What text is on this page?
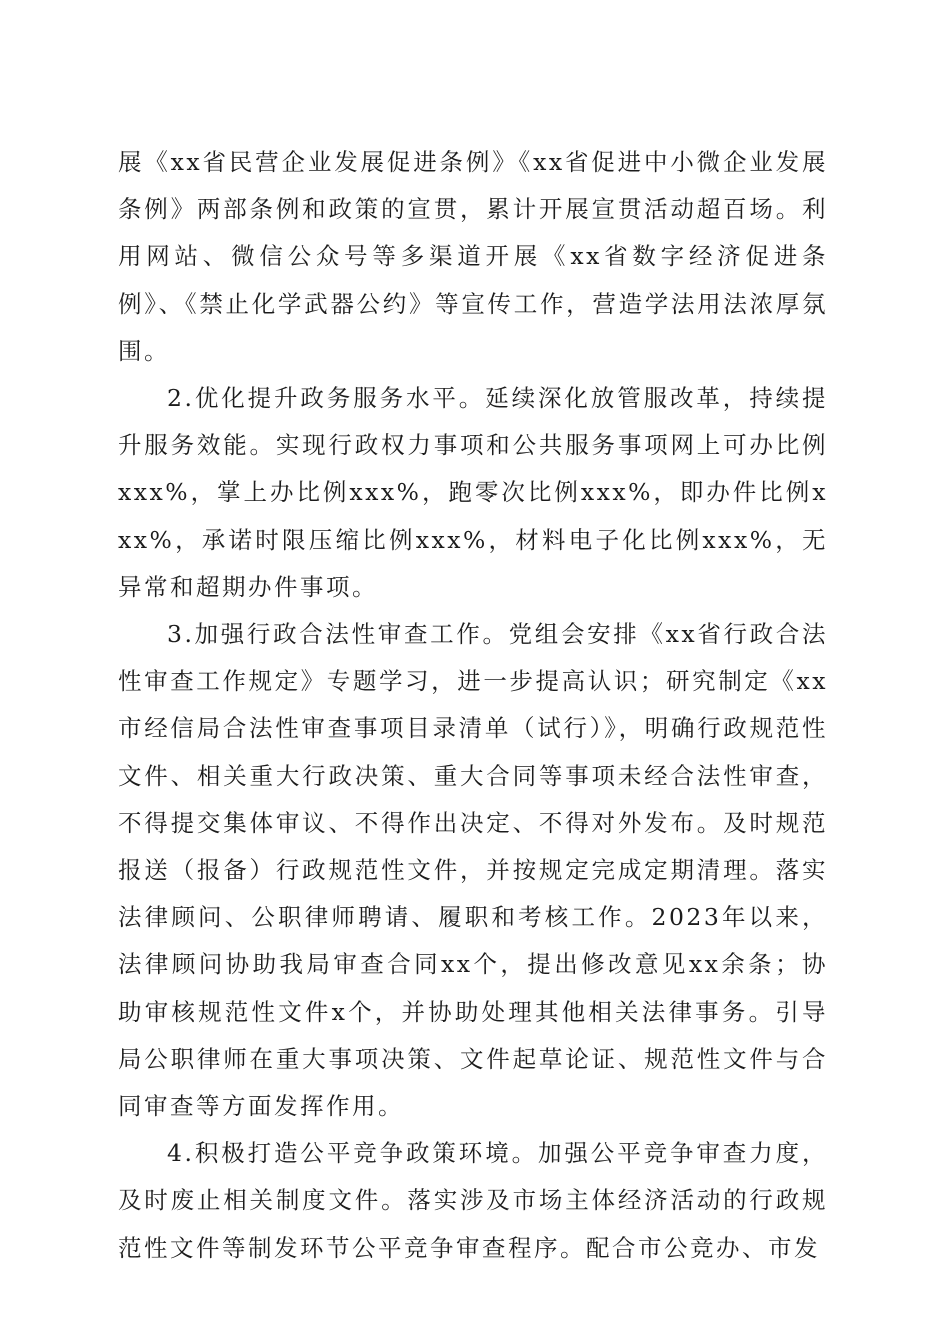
展《xx省民营企业发展促进条例》《xx省促进中小微企业发展条例》两部条例和政策的宣贯，累计开展宣贯活动超百场。利用网站、微信公众号等多渠道开展《xx省数字经济促进条例》、《禁止化学武器公约》等宣传工作，营造学法用法浓厚氛围。

2.优化提升政务服务水平。延续深化放管服改革，持续提升服务效能。实现行政权力事项和公共服务事项网上可办比例xxx%，掌上办比例xxx%，跑零次比例xxx%，即办件比例xxx%，承诺时限压缩比例xxx%，材料电子化比例xxx%，无异常和超期办件事项。

3.加强行政合法性审查工作。党组会安排《xx省行政合法性审查工作规定》专题学习，进一步提高认识；研究制定《xx市经信局合法性审查事项目录清单（试行）》，明确行政规范性文件、相关重大行政决策、重大合同等事项未经合法性审查，不得提交集体审议、不得作出决定、不得对外发布。及时规范报送（报备）行政规范性文件，并按规定完成定期清理。落实法律顾问、公职律师聘请、履职和考核工作。2023年以来，法律顾问协助我局审查合同xx个，提出修改意见xx余条；协助审核规范性文件x个，并协助处理其他相关法律事务。引导局公职律师在重大事项决策、文件起草论证、规范性文件与合同审查等方面发挥作用。

4.积极打造公平竞争政策环境。加强公平竞争审查力度，及时废止相关制度文件。落实涉及市场主体经济活动的行政规范性文件等制发环节公平竞争审查程序。配合市公竞办、市发
